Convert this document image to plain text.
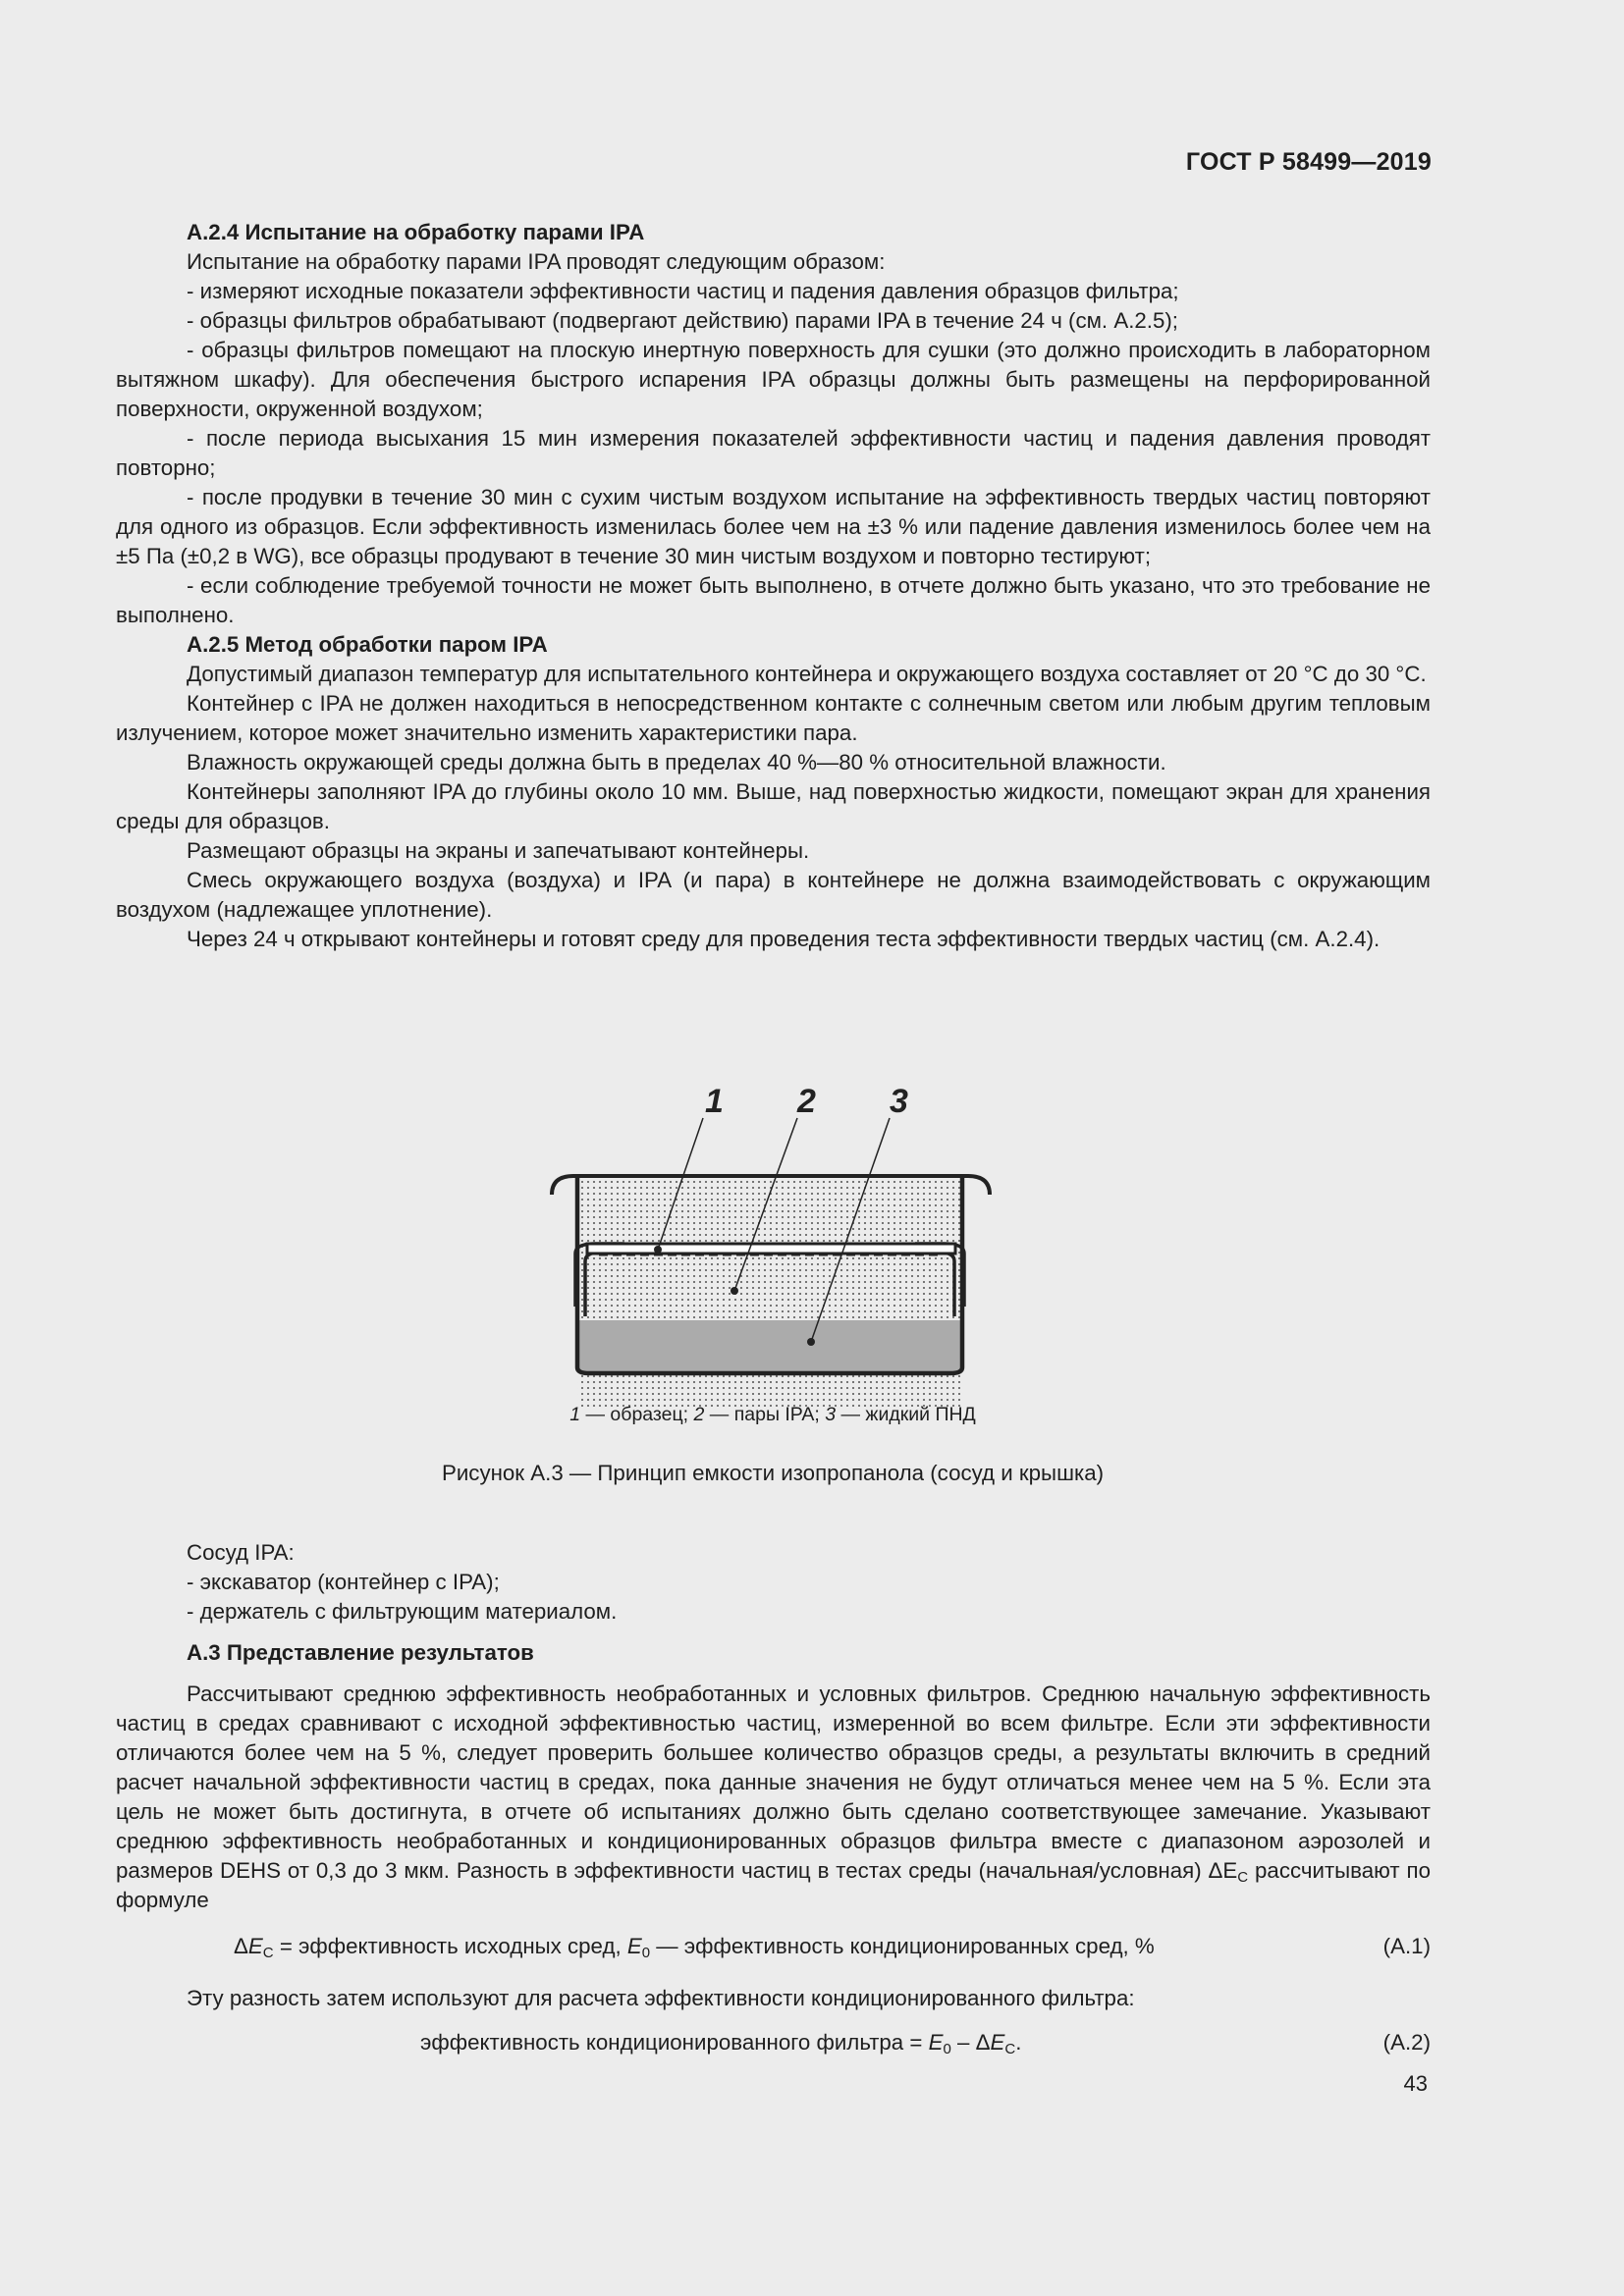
ГОСТ Р 58499—2019

А.2.4 Испытание на обработку парами IPA

Испытание на обработку парами IPA проводят следующим образом:

- измеряют исходные показатели эффективности частиц и падения давления образцов фильтра;

- образцы фильтров обрабатывают (подвергают действию) парами IPA в течение 24 ч (см. А.2.5);

- образцы фильтров помещают на плоскую инертную поверхность для сушки (это должно происходить в лабораторном вытяжном шкафу). Для обеспечения быстрого испарения IPA образцы должны быть размещены на перфорированной поверхности, окруженной воздухом;

- после периода высыхания 15 мин измерения показателей эффективности частиц и падения давления проводят повторно;

- после продувки в течение 30 мин с сухим чистым воздухом испытание на эффективность твердых частиц повторяют для одного из образцов. Если эффективность изменилась более чем на ±3 % или падение давления изменилось более чем на ±5 Па (±0,2 в WG), все образцы продувают в течение 30 мин чистым воздухом и повторно тестируют;

- если соблюдение требуемой точности не может быть выполнено, в отчете должно быть указано, что это требование не выполнено.

А.2.5 Метод обработки паром IPA

Допустимый диапазон температур для испытательного контейнера и окружающего воздуха составляет от 20 °С до 30 °С.

Контейнер с IPA не должен находиться в непосредственном контакте с солнечным светом или любым другим тепловым излучением, которое может значительно изменить характеристики пара.

Влажность окружающей среды должна быть в пределах 40 %—80 % относительной влажности.

Контейнеры заполняют IPA до глубины около 10 мм. Выше, над поверхностью жидкости, помещают экран для хранения среды для образцов.

Размещают образцы на экраны и запечатывают контейнеры.

Смесь окружающего воздуха (воздуха) и IPA (и пара) в контейнере не должна взаимодействовать с окружающим воздухом (надлежащее уплотнение).

Через 24 ч открывают контейнеры и готовят среду для проведения теста эффективности твердых частиц (см. А.2.4).

1 2 3
1 — образец; 2 — пары IPA; 3 — жидкий ПНД
Рисунок А.3 — Принцип емкости изопропанола (сосуд и крышка)

Сосуд IPA:

- экскаватор (контейнер с IPA);

- держатель с фильтрующим материалом.

А.3 Представление результатов

Рассчитывают среднюю эффективность необработанных и условных фильтров. Среднюю начальную эффективность частиц в средах сравнивают с исходной эффективностью частиц, измеренной во всем фильтре. Если эти эффективности отличаются более чем на 5 %, следует проверить большее количество образцов среды, а результаты включить в средний расчет начальной эффективности частиц в средах, пока данные значения не будут отличаться менее чем на 5 %. Если эта цель не может быть достигнута, в отчете об испытаниях должно быть сделано соответствующее замечание. Указывают среднюю эффективность необработанных и кондиционированных образцов фильтра вместе с диапазоном аэрозолей и размеров DEHS от 0,3 до 3 мкм. Разность в эффективности частиц в тестах среды (начальная/условная) $\Delta E_C$ рассчитывают по формуле

$\Delta E_C$ = эффективность исходных сред, $E_0$ — эффективность кондиционированных сред, %	(А.1)
Эту разность затем используют для расчета эффективности кондиционированного фильтра:
эффективность кондиционированного фильтра = $E_0 - \Delta E_C$.	(А.2)
43
